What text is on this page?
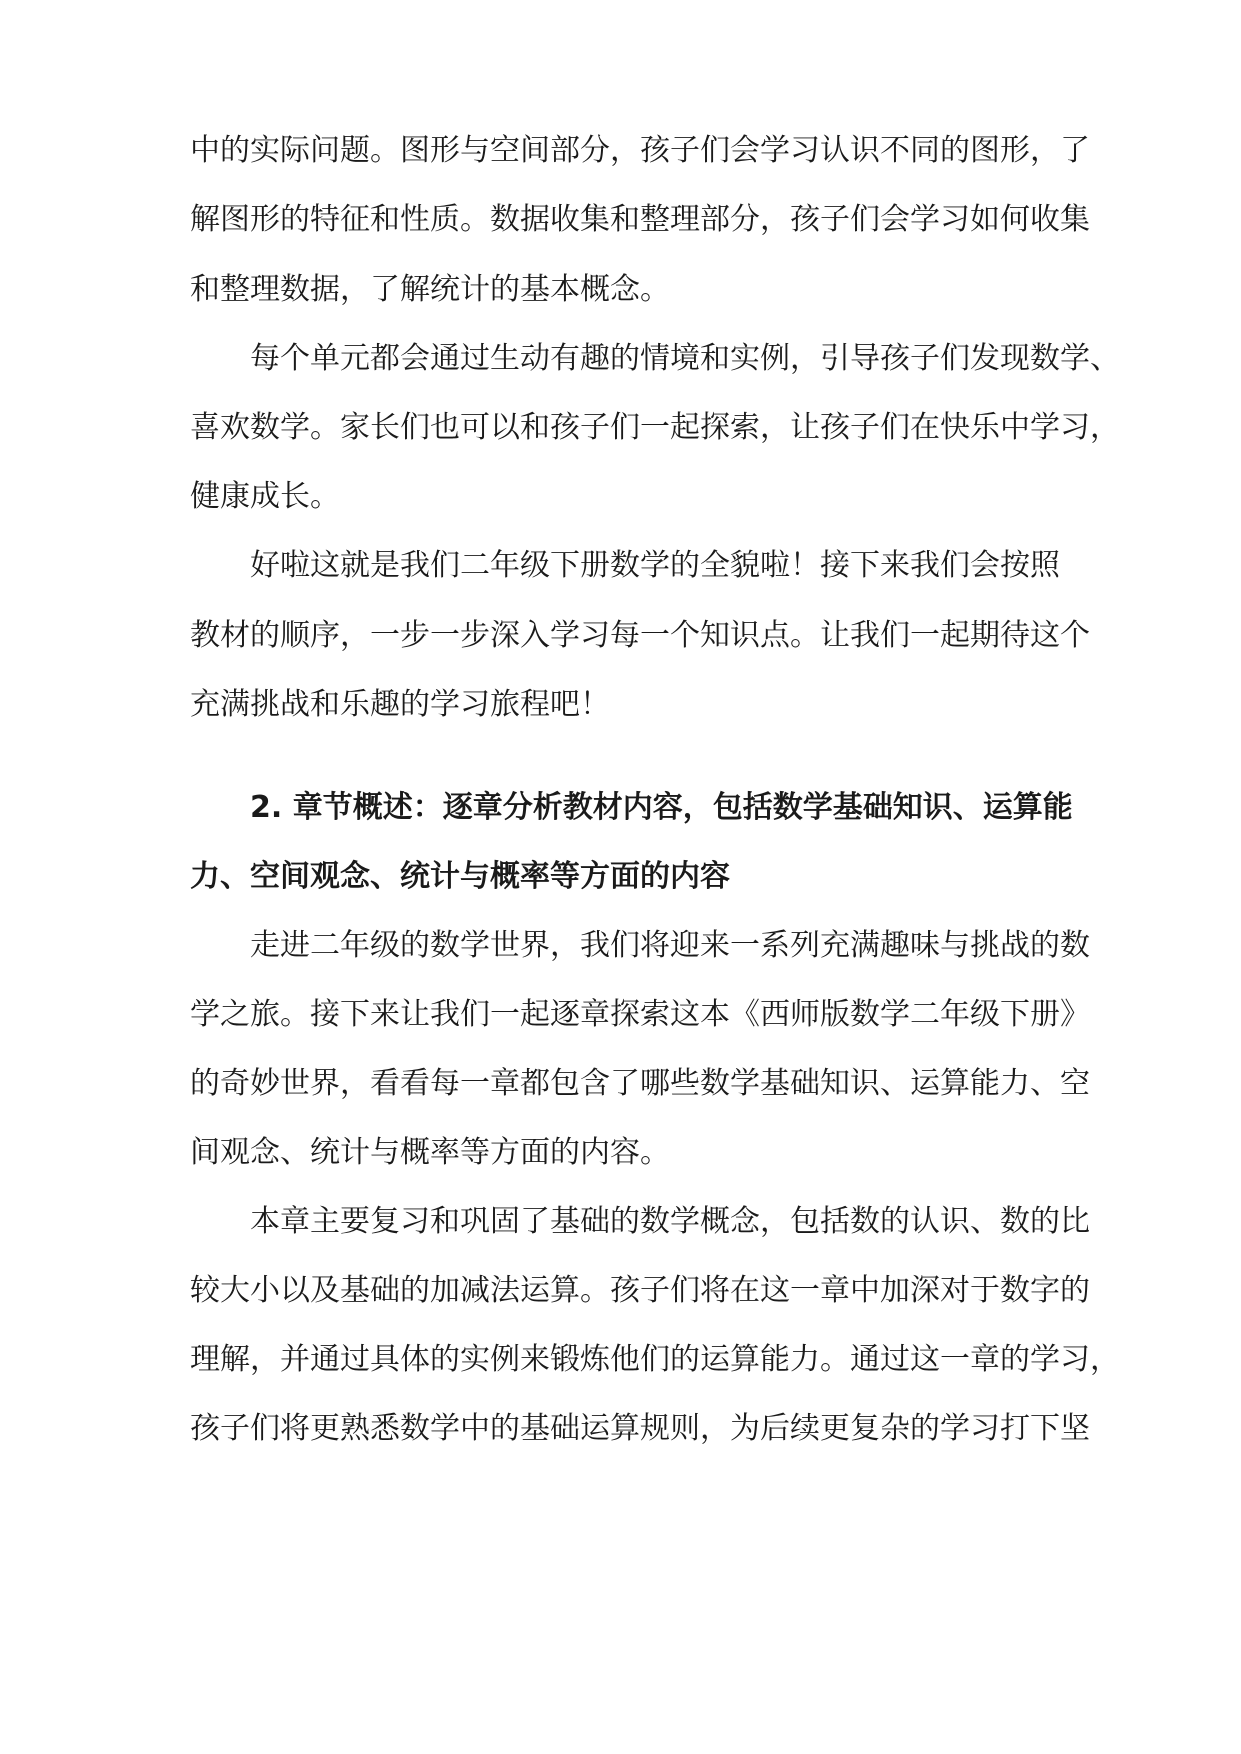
中的实际问题。图形与空间部分，孩子们会学习认识不同的图形，了
解图形的特征和性质。数据收集和整理部分，孩子们会学习如何收集
和整理数据，了解统计的基本概念。
每个单元都会通过生动有趣的情境和实例，引导孩子们发现数学、
喜欢数学。家长们也可以和孩子们一起探索，让孩子们在快乐中学习，
健康成长。
好啦这就是我们二年级下册数学的全貌啦！接下来我们会按照
教材的顺序，一步一步深入学习每一个知识点。让我们一起期待这个
充满挑战和乐趣的学习旅程吧！
2. 章节概述：逐章分析教材内容，包括数学基础知识、运算能
力、空间观念、统计与概率等方面的内容
走进二年级的数学世界，我们将迎来一系列充满趣味与挑战的数
学之旅。接下来让我们一起逐章探索这本《西师版数学二年级下册》
的奇妙世界，看看每一章都包含了哪些数学基础知识、运算能力、空
间观念、统计与概率等方面的内容。
本章主要复习和巩固了基础的数学概念，包括数的认识、数的比
较大小以及基础的加减法运算。孩子们将在这一章中加深对于数字的
理解，并通过具体的实例来锻炼他们的运算能力。通过这一章的学习，
孩子们将更熟悉数学中的基础运算规则，为后续更复杂的学习打下坚
